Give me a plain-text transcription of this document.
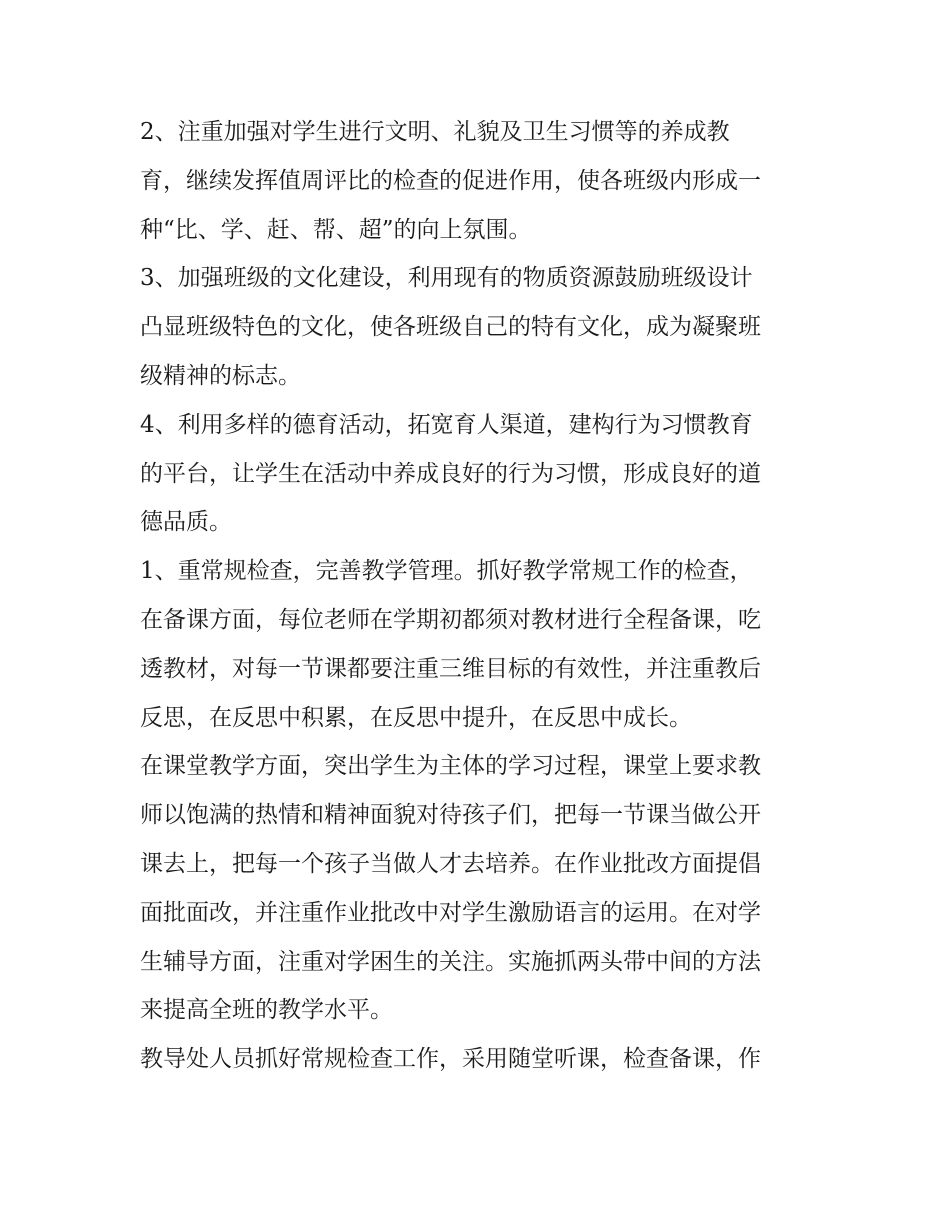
2、注重加强对学生进行文明、礼貌及卫生习惯等的养成教
育，继续发挥值周评比的检查的促进作用，使各班级内形成一
种“比、学、赶、帮、超”的向上氛围。

3、加强班级的文化建设，利用现有的物质资源鼓励班级设计
凸显班级特色的文化，使各班级自己的特有文化，成为凝聚班
级精神的标志。

4、利用多样的德育活动，拓宽育人渠道，建构行为习惯教育
的平台，让学生在活动中养成良好的行为习惯，形成良好的道
德品质。

1、重常规检查，完善教学管理。抓好教学常规工作的检查，
在备课方面，每位老师在学期初都须对教材进行全程备课，吃
透教材，对每一节课都要注重三维目标的有效性，并注重教后
反思，在反思中积累，在反思中提升，在反思中成长。

在课堂教学方面，突出学生为主体的学习过程，课堂上要求教
师以饱满的热情和精神面貌对待孩子们，把每一节课当做公开
课去上，把每一个孩子当做人才去培养。在作业批改方面提倡
面批面改，并注重作业批改中对学生激励语言的运用。在对学
生辅导方面，注重对学困生的关注。实施抓两头带中间的方法
来提高全班的教学水平。

教导处人员抓好常规检查工作，采用随堂听课，检查备课，作
